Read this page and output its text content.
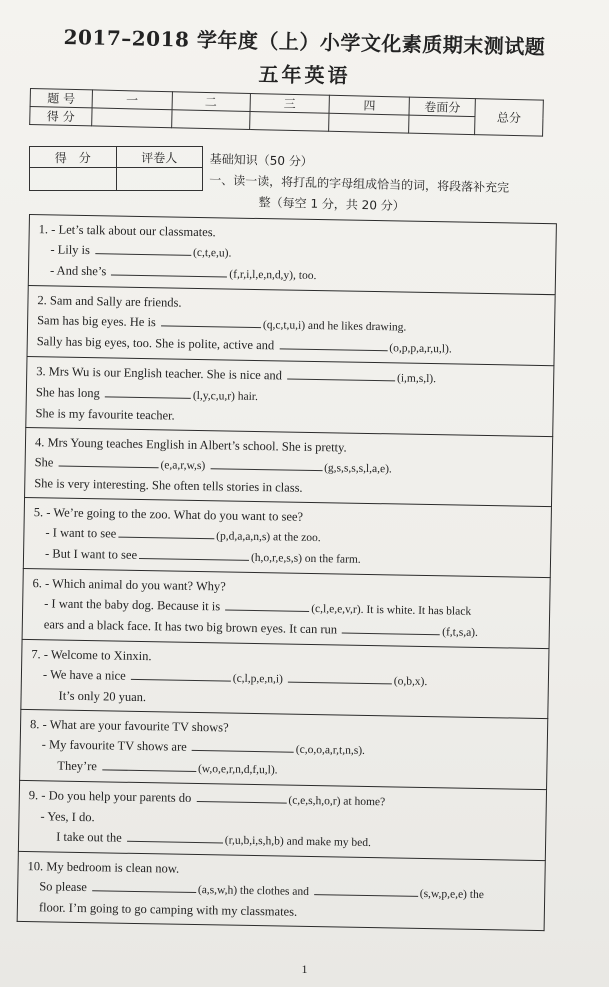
2017–2018 学年度（上）小学文化素质期末测试题
五年英语
题 号	一	二	三	四	卷面分	总分
得 分						
得　分	评卷人
		基础知识（50 分）
一、读一读，将打乱的字母组成恰当的词，将段落补充完
整（每空 1 分，共 20 分）
1. - Let’s talk about our classmates.
- Lily is	(c,t,e,u).
- And she’s	(f,r,i,l,e,n,d,y), too.
2. Sam and Sally are friends.
Sam has big eyes. He is	(q,c,t,u,i) and he likes drawing.
Sally has big eyes, too. She is polite, active and	(o,p,p,a,r,u,l).
3. Mrs Wu is our English teacher. She is nice and	(i,m,s,l).
She has long	(l,y,c,u,r) hair.
She is my favourite teacher.
4. Mrs Young teaches English in Albert’s school. She is pretty.
She	(e,a,r,w,s)	(g,s,s,s,s,l,a,e).
She is very interesting. She often tells stories in class.
5. - We’re going to the zoo. What do you want to see?
- I want to see	(p,d,a,a,n,s) at the zoo.
- But I want to see	(h,o,r,e,s,s) on the farm.
6. - Which animal do you want? Why?
- I want the baby dog. Because it is	(c,l,e,e,v,r). It is white. It has black
ears and a black face. It has two big brown eyes. It can run	(f,t,s,a).
7. - Welcome to Xinxin.
- We have a nice	(c,l,p,e,n,i)	(o,b,x).
It’s only 20 yuan.
8. - What are your favourite TV shows?
- My favourite TV shows are	(c,o,o,a,r,t,n,s).
They’re	(w,o,e,r,n,d,f,u,l).
9. - Do you help your parents do	(c,e,s,h,o,r) at home?
- Yes, I do.
I take out the	(r,u,b,i,s,h,b) and make my bed.
10. My bedroom is clean now.
So please	(a,s,w,h) the clothes and	(s,w,p,e,e) the
floor. I’m going to go camping with my classmates.
1
